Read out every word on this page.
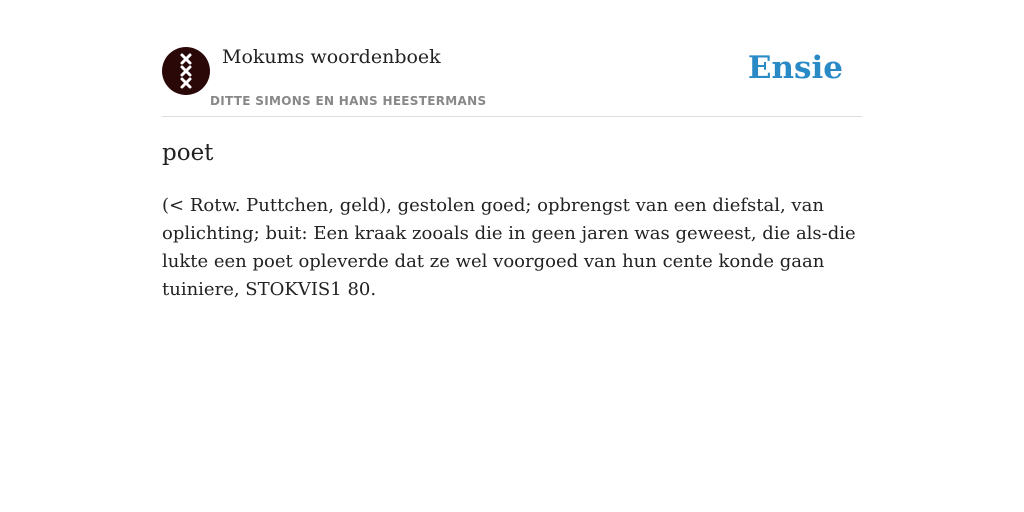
Mokums woordenboek
DITTE SIMONS EN HANS HEESTERMANS
Ensie
poet
(< Rotw. Puttchen, geld), gestolen goed; opbrengst van een diefstal, van oplichting; buit: Een kraak zooals die in geen jaren was geweest, die als-die lukte een poet opleverde dat ze wel voorgoed van hun cente konde gaan tuiniere, STOKVIS1 80.
